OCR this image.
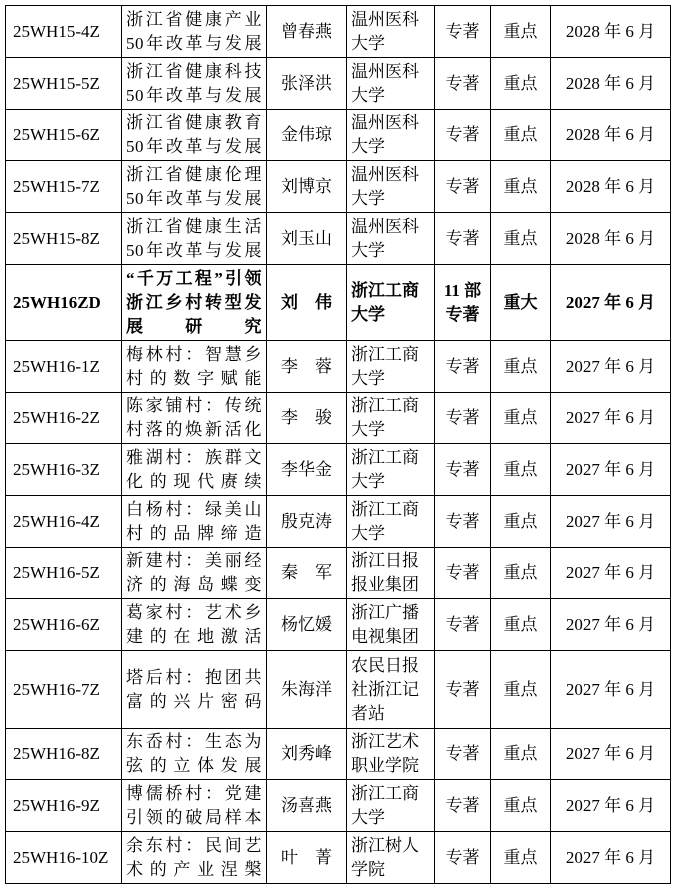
25WH15-4Z	浙江省健康产业50年改革与发展	曾春燕	温州医科大学	专著	重点	2028 年 6 月
25WH15-5Z	浙江省健康科技50年改革与发展	张泽洪	温州医科大学	专著	重点	2028 年 6 月
25WH15-6Z	浙江省健康教育50年改革与发展	金伟琼	温州医科大学	专著	重点	2028 年 6 月
25WH15-7Z	浙江省健康伦理50年改革与发展	刘博京	温州医科大学	专著	重点	2028 年 6 月
25WH15-8Z	浙江省健康生活50年改革与发展	刘玉山	温州医科大学	专著	重点	2028 年 6 月
25WH16ZD	“千万工程”引领浙江乡村转型发展研究	刘　伟	浙江工商大学	11 部专著	重大	2027 年 6 月
25WH16-1Z	梅林村：智慧乡村的数字赋能	李　蓉	浙江工商大学	专著	重点	2027 年 6 月
25WH16-2Z	陈家铺村：传统村落的焕新活化	李　骏	浙江工商大学	专著	重点	2027 年 6 月
25WH16-3Z	雅湖村：族群文化的现代赓续	李华金	浙江工商大学	专著	重点	2027 年 6 月
25WH16-4Z	白杨村：绿美山村的品牌缔造	殷克涛	浙江工商大学	专著	重点	2027 年 6 月
25WH16-5Z	新建村：美丽经济的海岛蝶变	秦　军	浙江日报报业集团	专著	重点	2027 年 6 月
25WH16-6Z	葛家村：艺术乡建的在地激活	杨忆媛	浙江广播电视集团	专著	重点	2027 年 6 月
25WH16-7Z	塔后村：抱团共富的兴片密码	朱海洋	农民日报社浙江记者站	专著	重点	2027 年 6 月
25WH16-8Z	东岙村：生态为弦的立体发展	刘秀峰	浙江艺术职业学院	专著	重点	2027 年 6 月
25WH16-9Z	博儒桥村：党建引领的破局样本	汤喜燕	浙江工商大学	专著	重点	2027 年 6 月
25WH16-10Z	余东村：民间艺术的产业涅槃	叶　菁	浙江树人学院	专著	重点	2027 年 6 月
